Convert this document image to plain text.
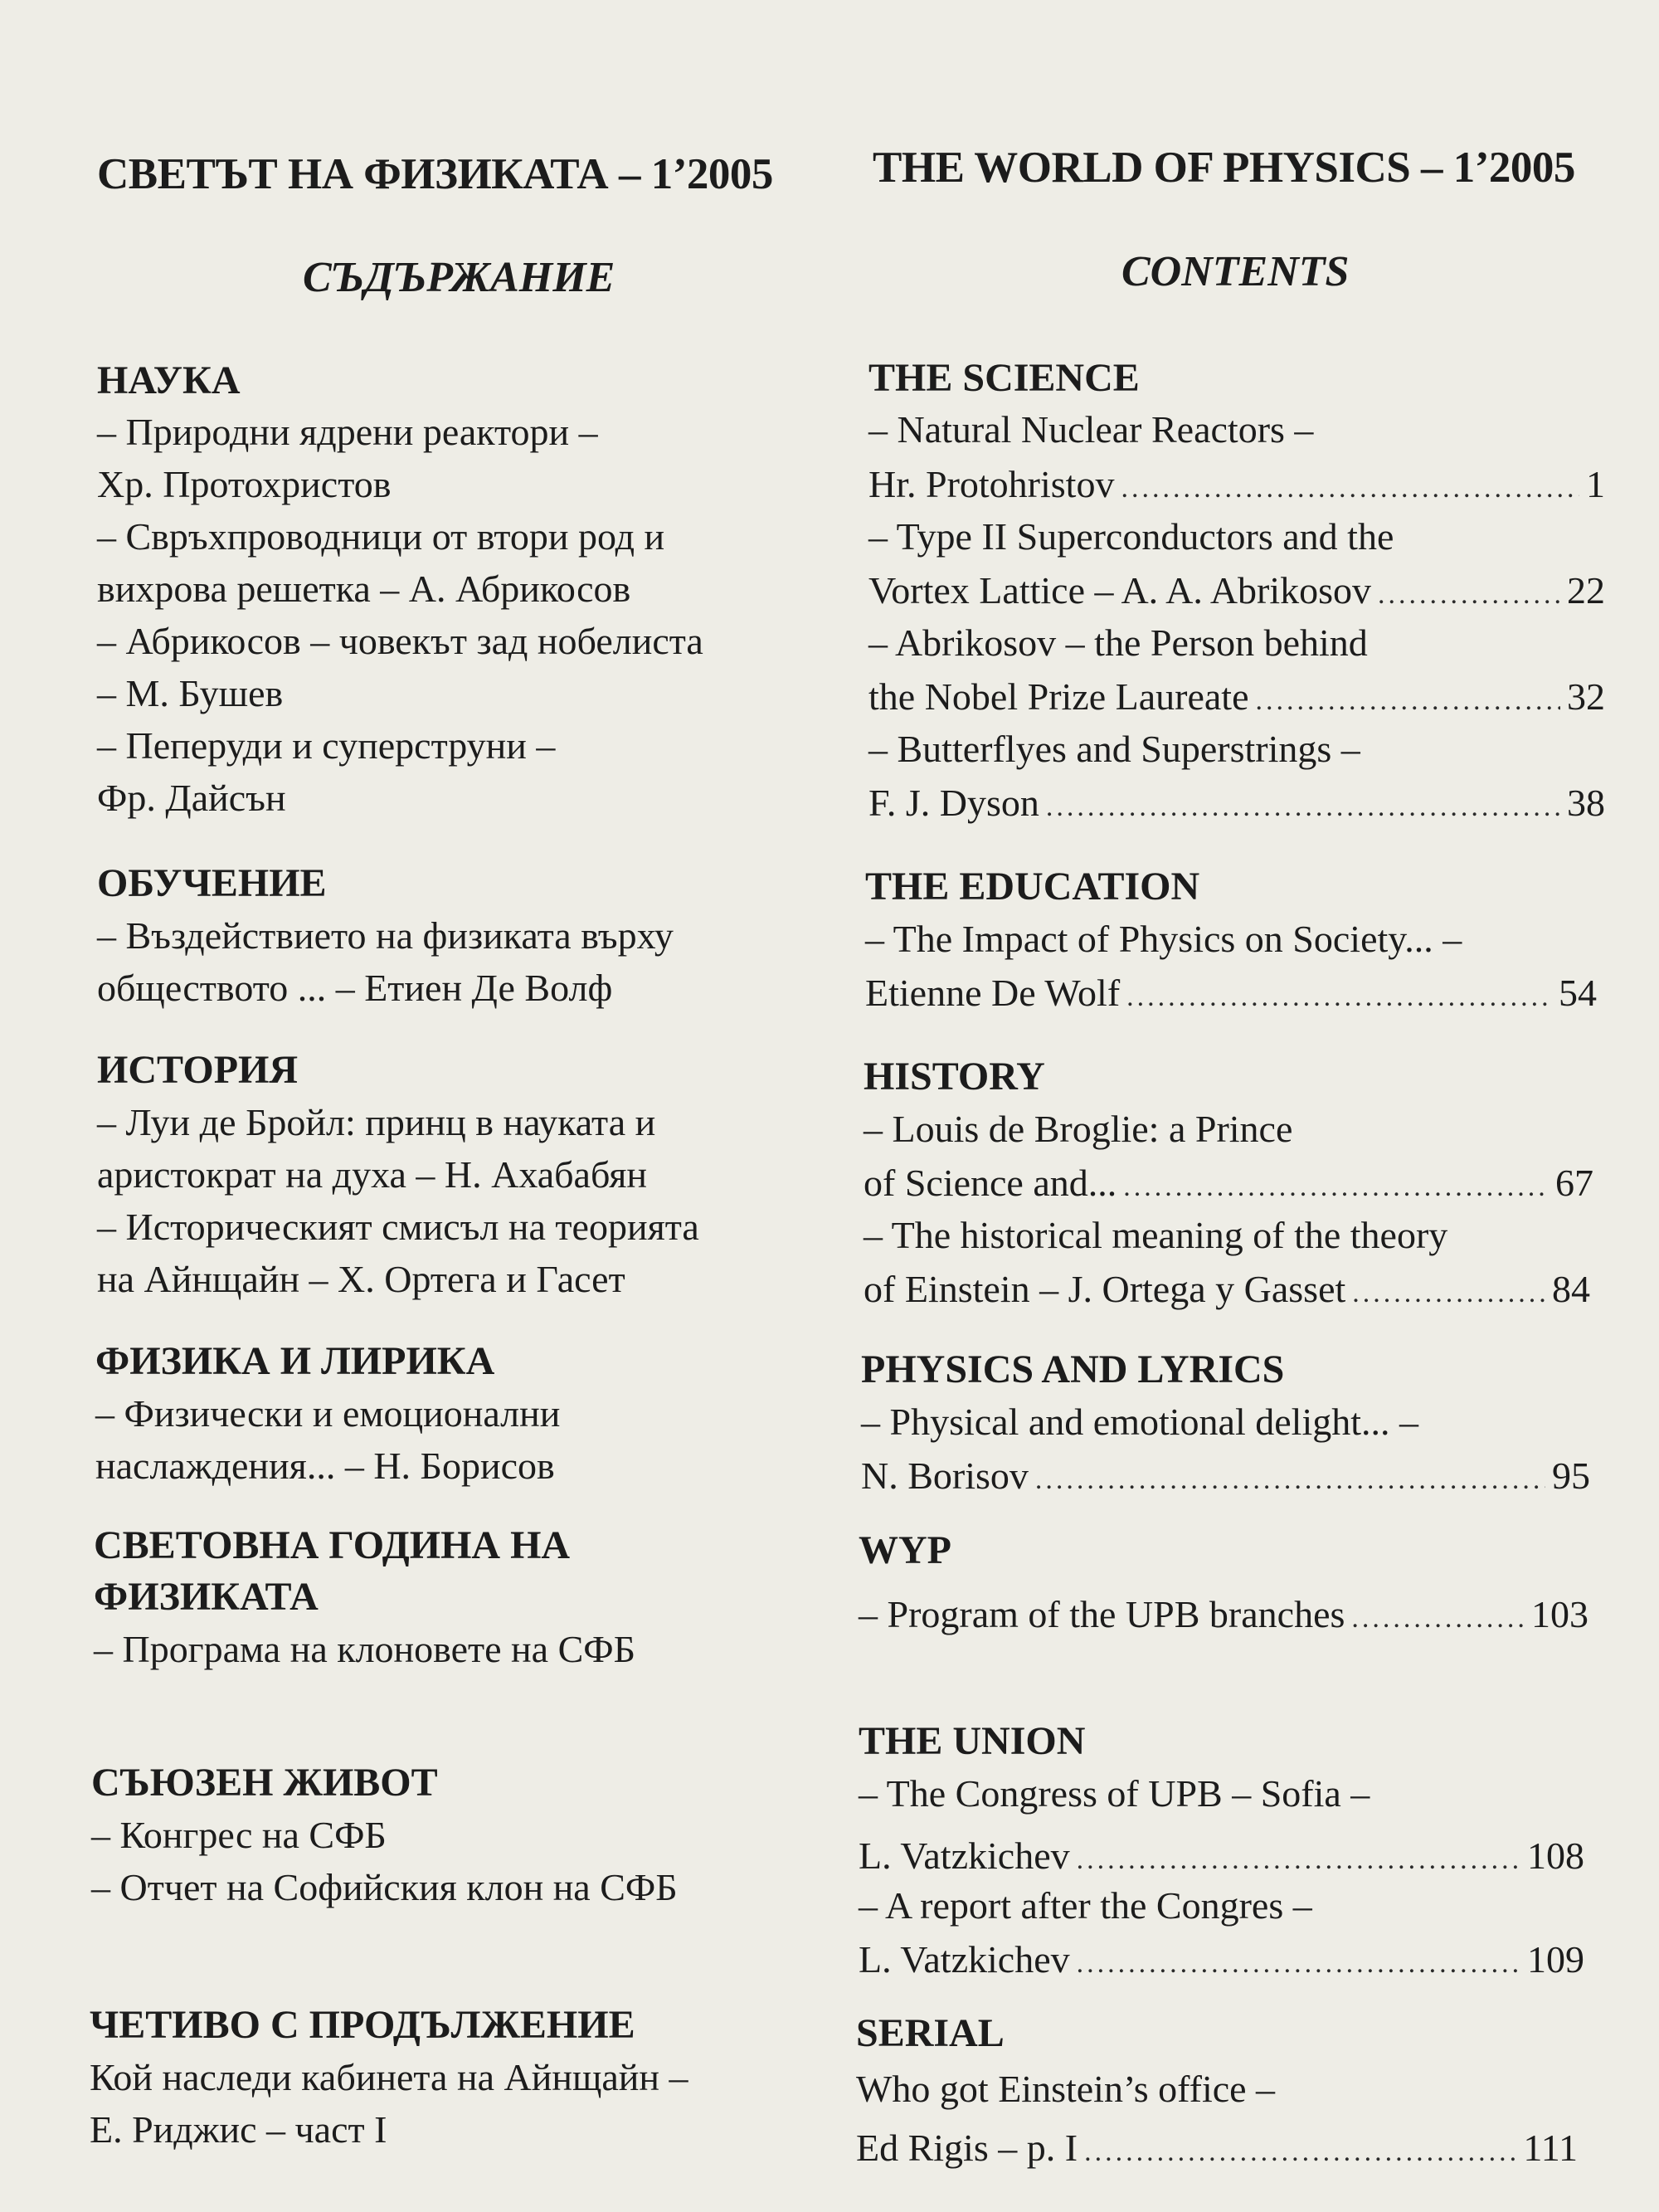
СВЕТЪТ НА ФИЗИКАТА – 1’2005
СЪДЪРЖАНИЕ
НАУКА
– Природни ядрени реактори –
Хр. Протохристов
– Свръхпроводници от втори род и
вихрова решетка – А. Абрикосов
– Абрикосов – човекът зад нобелиста
– М. Бушев
– Пеперуди и суперструни –
Фр. Дайсън
ОБУЧЕНИЕ
– Въздействието на физиката върху
обществото ... – Етиен Де Волф
ИСТОРИЯ
– Луи де Бройл: принц в науката и
аристократ на духа – Н. Ахабабян
– Историческият смисъл на теорията
на Айнщайн – Х. Ортега и Гасет
ФИЗИКА И ЛИРИКА
– Физически и емоционални
наслаждения... – Н. Борисов
СВЕТОВНА ГОДИНА НА
ФИЗИКАТА
– Програма на клоновете на СФБ
СЪЮЗЕН ЖИВОТ
– Конгрес на СФБ
– Отчет на Софийския клон на СФБ
ЧЕТИВО С ПРОДЪЛЖЕНИЕ
Кой наследи кабинета на Айнщайн –
Е. Риджис – част I
THE WORLD OF PHYSICS – 1’2005
CONTENTS
THE SCIENCE
– Natural Nuclear Reactors –
Hr. Protohristov .....	1
– Type II Superconductors and the
Vortex Lattice – A. A. Abrikosov .....	22
– Abrikosov – the Person behind
the Nobel Prize Laureate .....	32
– Butterflyes and Superstrings –
F. J. Dyson .....	38
THE EDUCATION
– The Impact of Physics on Society... –
Etienne De Wolf .....	54
HISTORY
– Louis de Broglie: a Prince
of Science and... .....	67
– The historical meaning of the theory
of Einstein – J. Ortega y Gasset .....	84
PHYSICS AND LYRICS
– Physical and emotional delight... –
N. Borisov .....	95
WYP
– Program of the UPB branches .....	103
THE UNION
– The Congress of UPB – Sofia –
L. Vatzkichev .....	108
– A report after the Congres –
L. Vatzkichev .....	109
SERIAL
Who got Einstein’s office –
Ed Rigis – p. I .....	111
